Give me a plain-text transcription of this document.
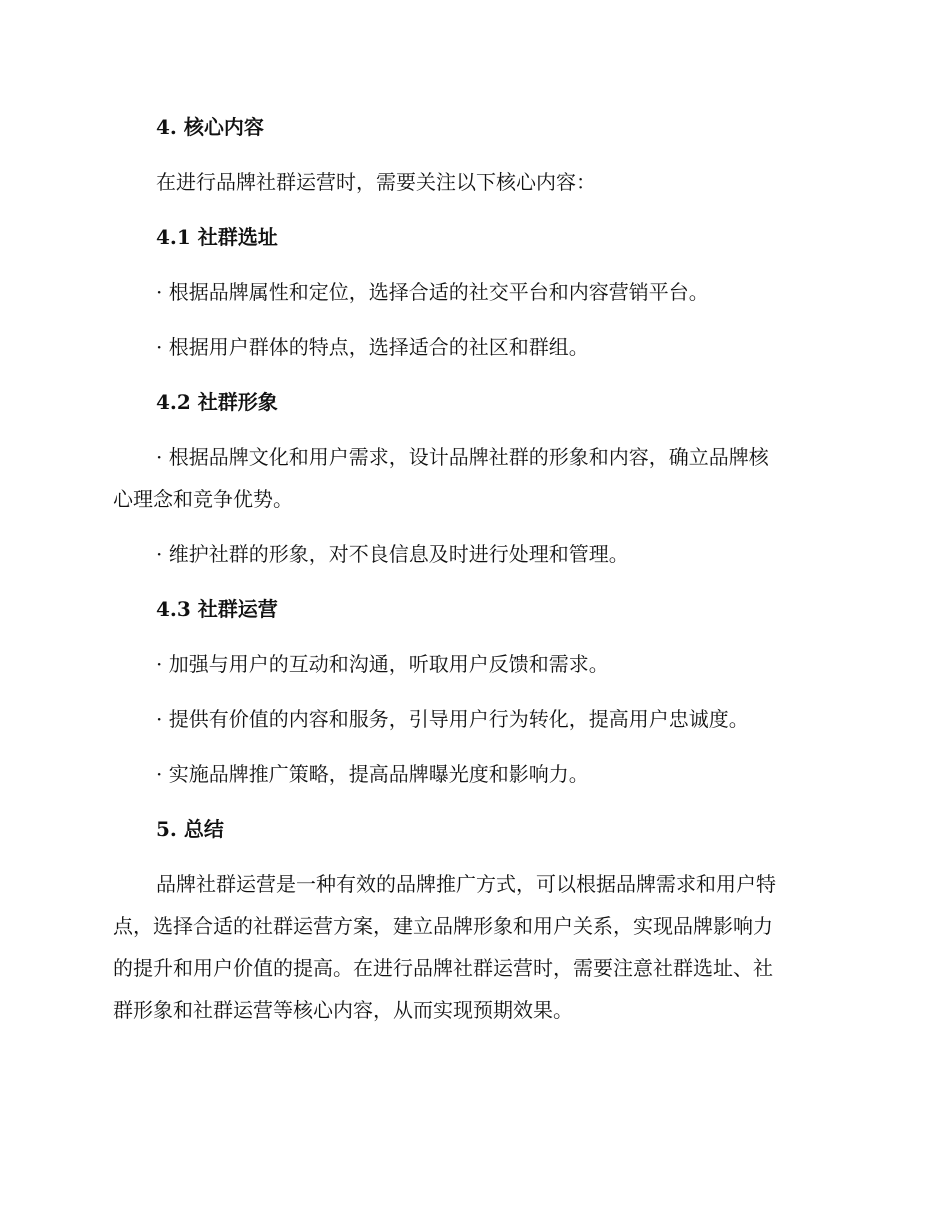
4. 核心内容

在进行品牌社群运营时，需要关注以下核心内容：

4.1 社群选址

· 根据品牌属性和定位，选择合适的社交平台和内容营销平台。

· 根据用户群体的特点，选择适合的社区和群组。

4.2 社群形象

· 根据品牌文化和用户需求，设计品牌社群的形象和内容，确立品牌核

心理念和竞争优势。

· 维护社群的形象，对不良信息及时进行处理和管理。

4.3 社群运营

· 加强与用户的互动和沟通，听取用户反馈和需求。

· 提供有价值的内容和服务，引导用户行为转化，提高用户忠诚度。

· 实施品牌推广策略，提高品牌曝光度和影响力。

5. 总结

品牌社群运营是一种有效的品牌推广方式，可以根据品牌需求和用户特

点，选择合适的社群运营方案，建立品牌形象和用户关系，实现品牌影响力

的提升和用户价值的提高。在进行品牌社群运营时，需要注意社群选址、社

群形象和社群运营等核心内容，从而实现预期效果。
